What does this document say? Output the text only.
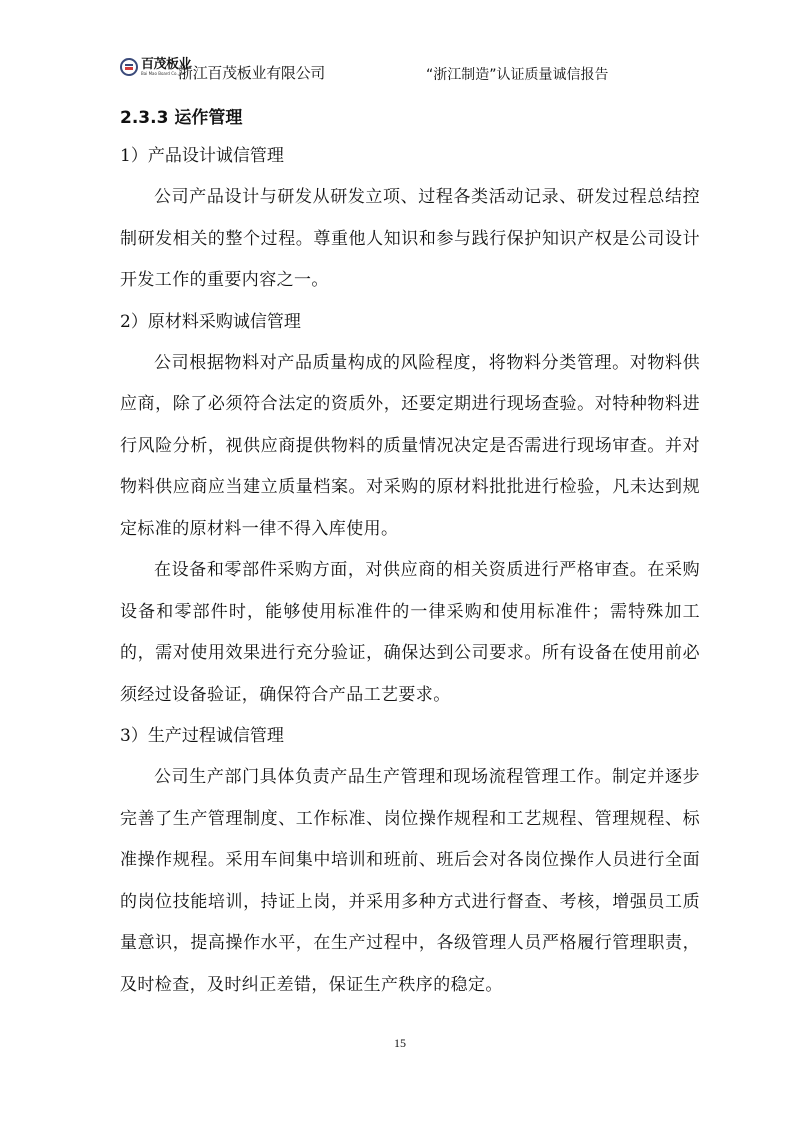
百茂板业
Bai Mao Board Co.,Ltd.
浙江百茂板业有限公司	“浙江制造”认证质量诚信报告
2.3.3 运作管理

1）产品设计诚信管理

公司产品设计与研发从研发立项、过程各类活动记录、研发过程总结控制研发相关的整个过程。尊重他人知识和参与践行保护知识产权是公司设计开发工作的重要内容之一。

2）原材料采购诚信管理

公司根据物料对产品质量构成的风险程度，将物料分类管理。对物料供应商，除了必须符合法定的资质外，还要定期进行现场查验。对特种物料进行风险分析，视供应商提供物料的质量情况决定是否需进行现场审查。并对物料供应商应当建立质量档案。对采购的原材料批批进行检验，凡未达到规定标准的原材料一律不得入库使用。

在设备和零部件采购方面，对供应商的相关资质进行严格审查。在采购设备和零部件时，能够使用标准件的一律采购和使用标准件；需特殊加工的，需对使用效果进行充分验证，确保达到公司要求。所有设备在使用前必须经过设备验证，确保符合产品工艺要求。

3）生产过程诚信管理

公司生产部门具体负责产品生产管理和现场流程管理工作。制定并逐步完善了生产管理制度、工作标准、岗位操作规程和工艺规程、管理规程、标准操作规程。采用车间集中培训和班前、班后会对各岗位操作人员进行全面的岗位技能培训，持证上岗，并采用多种方式进行督查、考核，增强员工质量意识，提高操作水平，在生产过程中，各级管理人员严格履行管理职责，及时检查，及时纠正差错，保证生产秩序的稳定。

15
